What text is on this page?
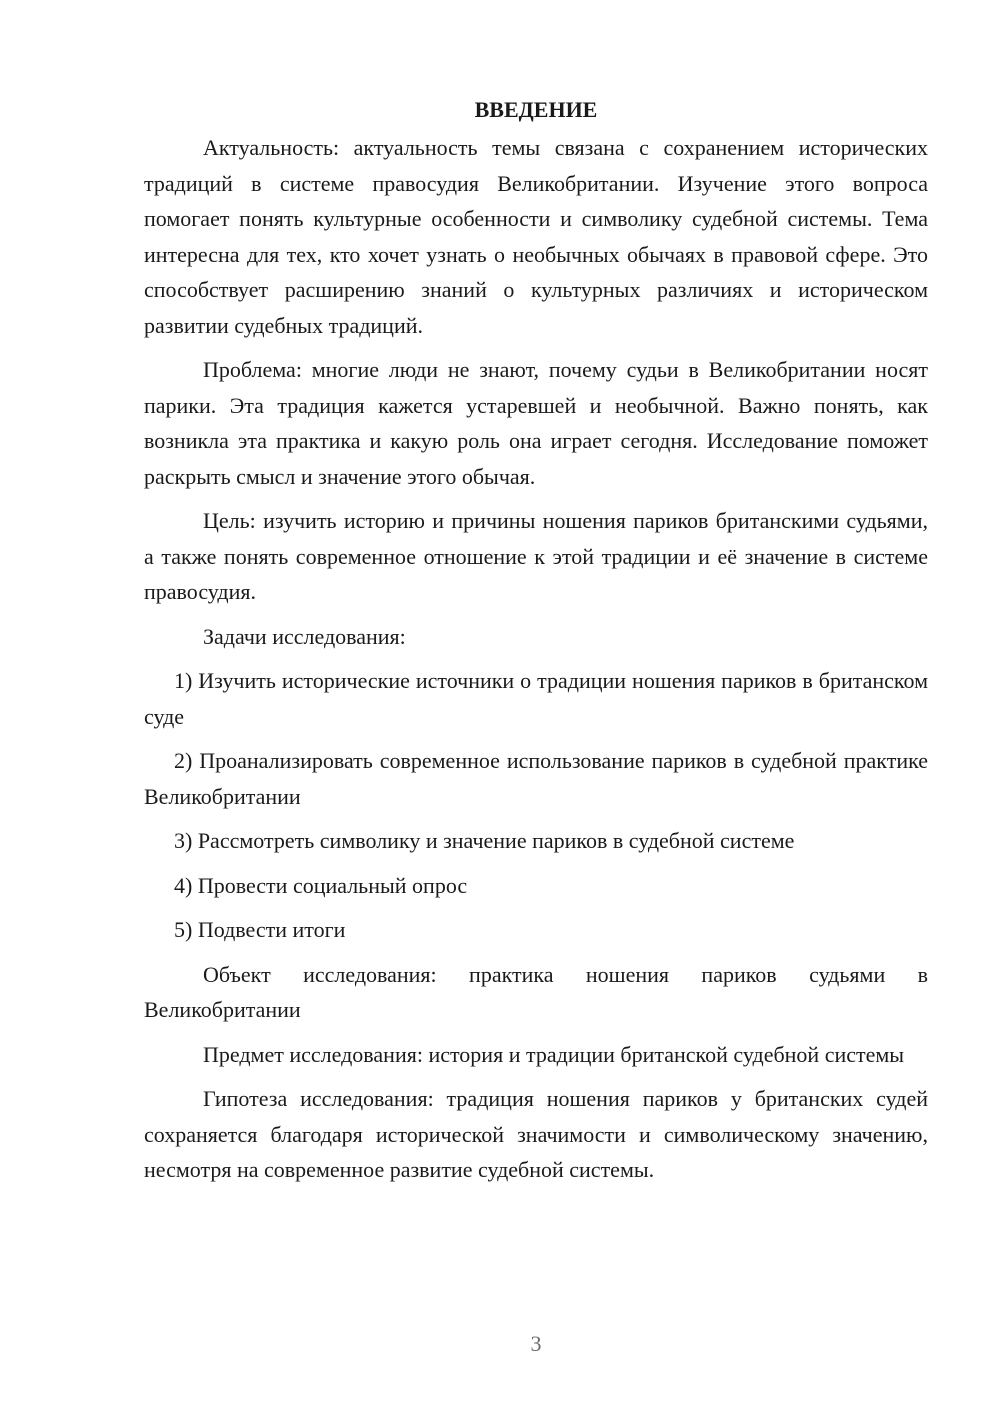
ВВЕДЕНИЕ

Актуальность: актуальность темы связана с сохранением исторических традиций в системе правосудия Великобритании. Изучение этого вопроса помогает понять культурные особенности и символику судебной системы. Тема интересна для тех, кто хочет узнать о необычных обычаях в правовой сфере. Это способствует расширению знаний о культурных различиях и историческом развитии судебных традиций.

Проблема: многие люди не знают, почему судьи в Великобритании носят парики. Эта традиция кажется устаревшей и необычной. Важно понять, как возникла эта практика и какую роль она играет сегодня. Исследование поможет раскрыть смысл и значение этого обычая.

Цель: изучить историю и причины ношения париков британскими судьями, а также понять современное отношение к этой традиции и её значение в системе правосудия.

Задачи исследования:

1) Изучить исторические источники о традиции ношения париков в британском суде

2) Проанализировать современное использование париков в судебной практике Великобритании

3) Рассмотреть символику и значение париков в судебной системе

4) Провести социальный опрос

5) Подвести итоги

Объект исследования: практика ношения париков судьями в Великобритании

Предмет исследования: история и традиции британской судебной системы

Гипотеза исследования: традиция ношения париков у британских судей сохраняется благодаря исторической значимости и символическому значению, несмотря на современное развитие судебной системы.

3
